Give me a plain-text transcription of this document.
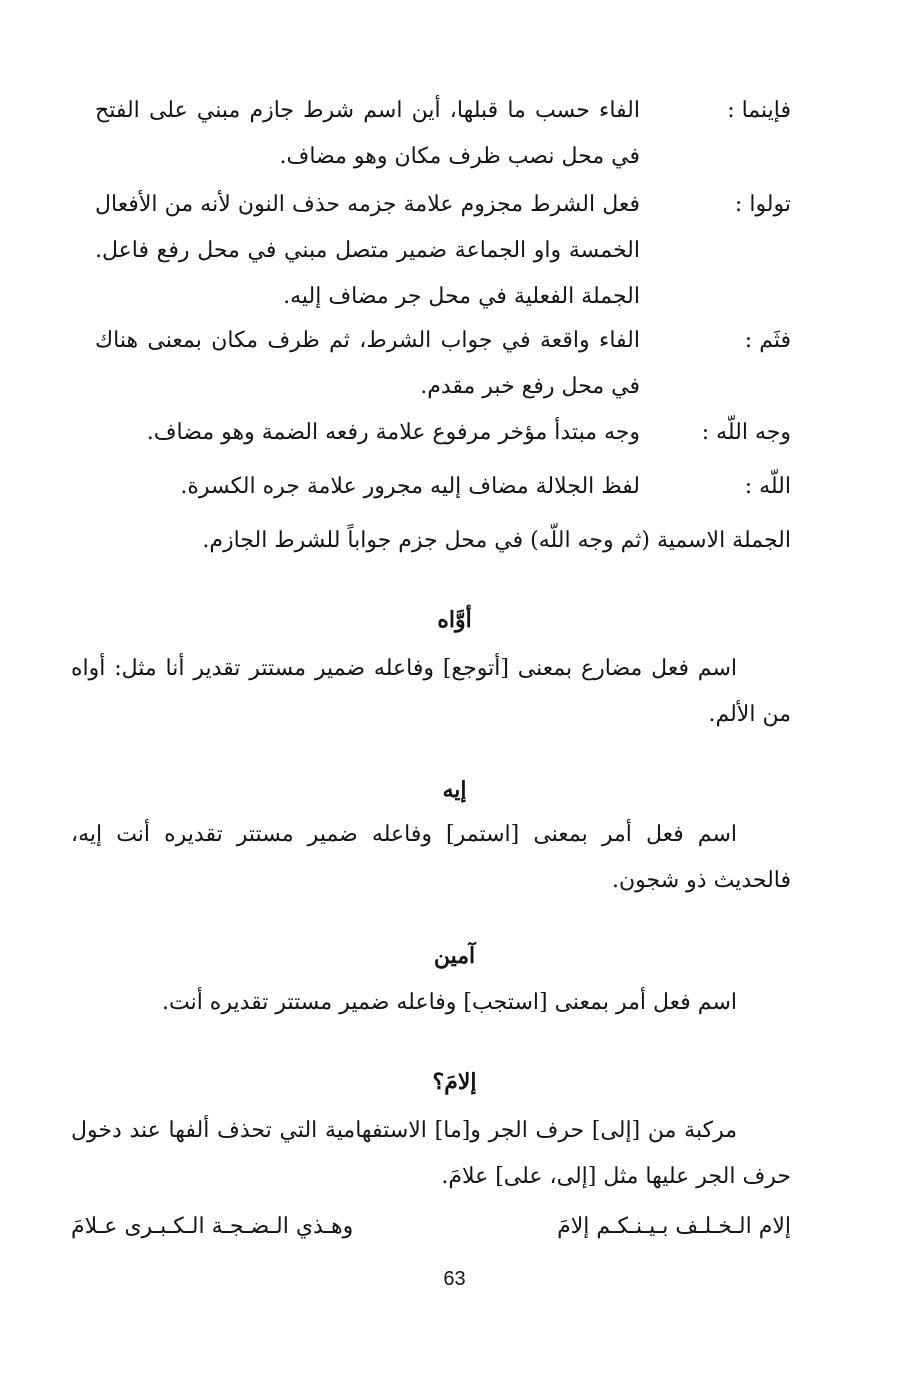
فإينما :
الفاء حسب ما قبلها، أين اسم شرط جازم مبني على الفتح في محل نصب ظرف مكان وهو مضاف.
تولوا :
فعل الشرط مجزوم علامة جزمه حذف النون لأنه من الأفعال الخمسة واو الجماعة ضمير متصل مبني في محل رفع فاعل. الجملة الفعلية في محل جر مضاف إليه.
فثَم :
الفاء واقعة في جواب الشرط، ثم ظرف مكان بمعنى هناك في محل رفع خبر مقدم.
وجه اللّه :
وجه مبتدأ مؤخر مرفوع علامة رفعه الضمة وهو مضاف.
اللّه :
لفظ الجلالة مضاف إليه مجرور علامة جره الكسرة.
الجملة الاسمية (ثم وجه اللّه) في محل جزم جواباً للشرط الجازم.
أوَّاه
اسم فعل مضارع بمعنى [أتوجع] وفاعله ضمير مستتر تقدير أنا مثل: أواه من الألم.
إيه
اسم فعل أمر بمعنى [استمر] وفاعله ضمير مستتر تقديره أنت إيه، فالحديث ذو شجون.
آمين
اسم فعل أمر بمعنى [استجب] وفاعله ضمير مستتر تقديره أنت.
إلامَ؟
مركبة من [إلى] حرف الجر و[ما] الاستفهامية التي تحذف ألفها عند دخول حرف الجر عليها مثل [إلى، على] علامَ.
إلام الـخـلـف بـيـنـكـم إلامَ
وهـذي الـضـجـة الـكـبـرى عـلامَ
63
